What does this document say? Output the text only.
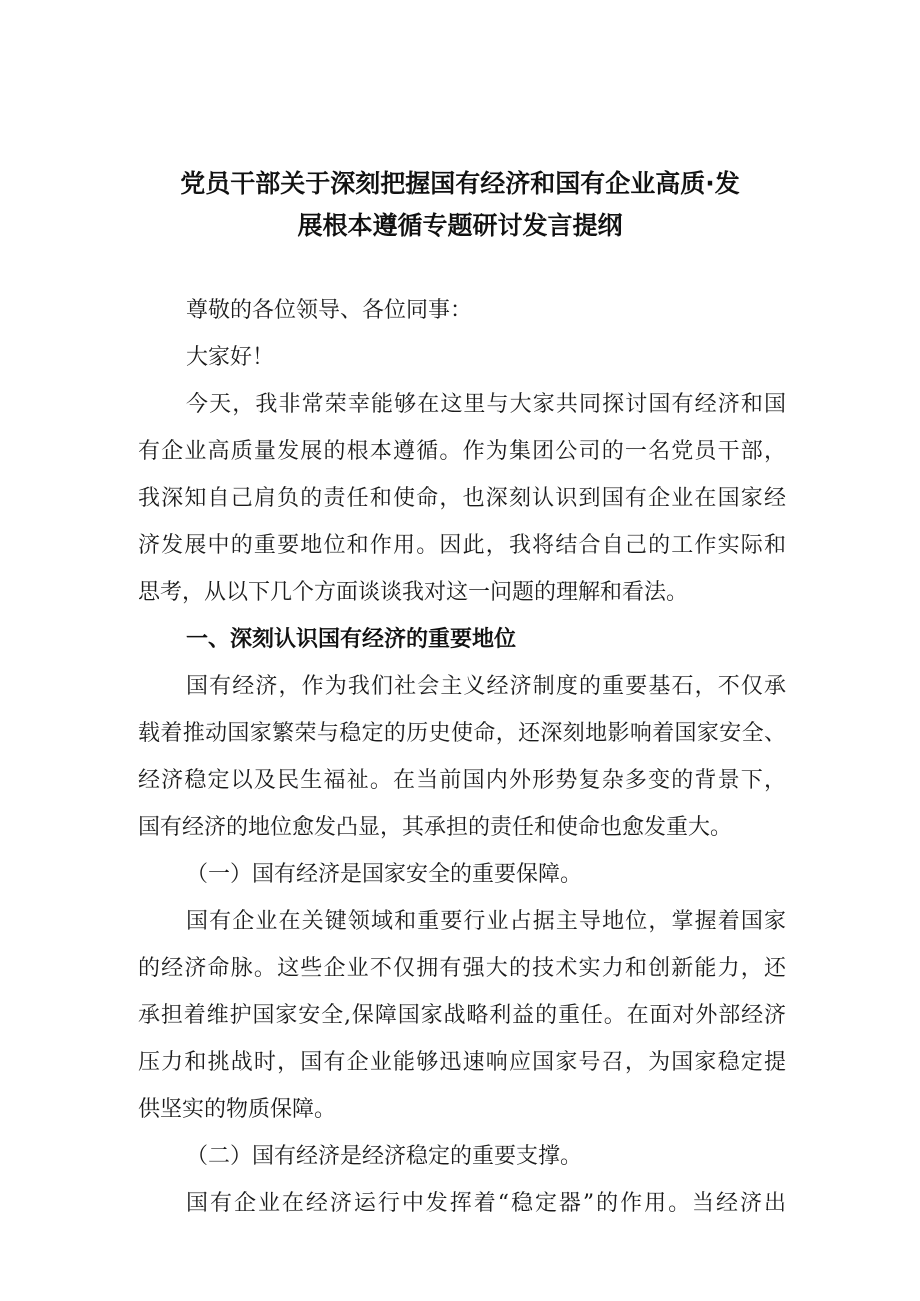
党员干部关于深刻把握国有经济和国有企业高质·发
展根本遵循专题研讨发言提纲
尊敬的各位领导、各位同事：
大家好！
今天，我非常荣幸能够在这里与大家共同探讨国有经济和国
有企业高质量发展的根本遵循。作为集团公司的一名党员干部，
我深知自己肩负的责任和使命，也深刻认识到国有企业在国家经
济发展中的重要地位和作用。因此，我将结合自己的工作实际和
思考，从以下几个方面谈谈我对这一问题的理解和看法。
一、深刻认识国有经济的重要地位
国有经济，作为我们社会主义经济制度的重要基石，不仅承
载着推动国家繁荣与稳定的历史使命，还深刻地影响着国家安全、
经济稳定以及民生福祉。在当前国内外形势复杂多变的背景下，
国有经济的地位愈发凸显，其承担的责任和使命也愈发重大。
（一）国有经济是国家安全的重要保障。
国有企业在关键领域和重要行业占据主导地位，掌握着国家
的经济命脉。这些企业不仅拥有强大的技术实力和创新能力，还
承担着维护国家安全,保障国家战略利益的重任。在面对外部经济
压力和挑战时，国有企业能够迅速响应国家号召，为国家稳定提
供坚实的物质保障。
（二）国有经济是经济稳定的重要支撑。
国有企业在经济运行中发挥着“稳定器”的作用。当经济出
